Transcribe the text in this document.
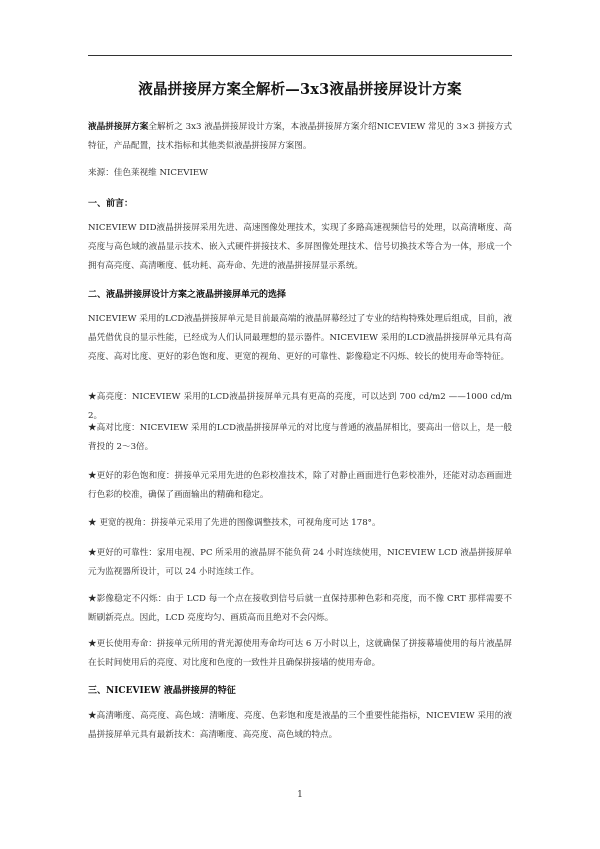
液晶拼接屏方案全解析—3x3液晶拼接屏设计方案
液晶拼接屏方案全解析之 3x3 液晶拼接屏设计方案，本液晶拼接屏方案介绍NICEVIEW 常见的 3×3 拼接方式特征，产品配置，技术指标和其他类似液晶拼接屏方案图。
来源：佳色莱视维 NICEVIEW
一、前言：
NICEVIEW DID液晶拼接屏采用先进、高速图像处理技术，实现了多路高速视频信号的处理，以高清晰度、高亮度与高色域的液晶显示技术、嵌入式硬件拼接技术、多屏图像处理技术、信号切换技术等合为一体，形成一个拥有高亮度、高清晰度、低功耗、高寿命、先进的液晶拼接屏显示系统。
二、液晶拼接屏设计方案之液晶拼接屏单元的选择
NICEVIEW 采用的LCD液晶拼接屏单元是目前最高端的液晶屏幕经过了专业的结构特殊处理后组成，目前，液晶凭借优良的显示性能，已经成为人们认同最理想的显示器件。NICEVIEW 采用的LCD液晶拼接屏单元具有高亮度、高对比度、更好的彩色饱和度、更宽的视角、更好的可靠性、影像稳定不闪烁、较长的使用寿命等特征。
★高亮度：NICEVIEW 采用的LCD液晶拼接屏单元具有更高的亮度，可以达到 700 cd/m2 ——1000 cd/m2。
★高对比度：NICEVIEW 采用的LCD液晶拼接屏单元的对比度与普通的液晶屏相比，要高出一倍以上，是一般背投的 2～3倍。
★更好的彩色饱和度：拼接单元采用先进的色彩校准技术，除了对静止画面进行色彩校准外，还能对动态画面进行色彩的校准，确保了画面输出的精确和稳定。
★ 更宽的视角：拼接单元采用了先进的图像调整技术，可视角度可达 178°。
★更好的可靠性：家用电视、PC 所采用的液晶屏不能负荷 24 小时连续使用，NICEVIEW LCD 液晶拼接屏单元为监视器所设计，可以 24 小时连续工作。
★影像稳定不闪烁：由于 LCD 每一个点在接收到信号后就一直保持那种色彩和亮度，而不像 CRT 那样需要不断刷新亮点。因此，LCD 亮度均匀、画质高而且绝对不会闪烁。
★更长使用寿命：拼接单元所用的背光源使用寿命均可达 6 万小时以上，这就确保了拼接幕墙使用的每片液晶屏在长时间使用后的亮度、对比度和色度的一致性并且确保拼接墙的使用寿命。
三、NICEVIEW 液晶拼接屏的特征
★高清晰度、高亮度、高色域：清晰度、亮度、色彩饱和度是液晶的三个重要性能指标，NICEVIEW 采用的液晶拼接屏单元具有最新技术：高清晰度、高亮度、高色域的特点。
1
